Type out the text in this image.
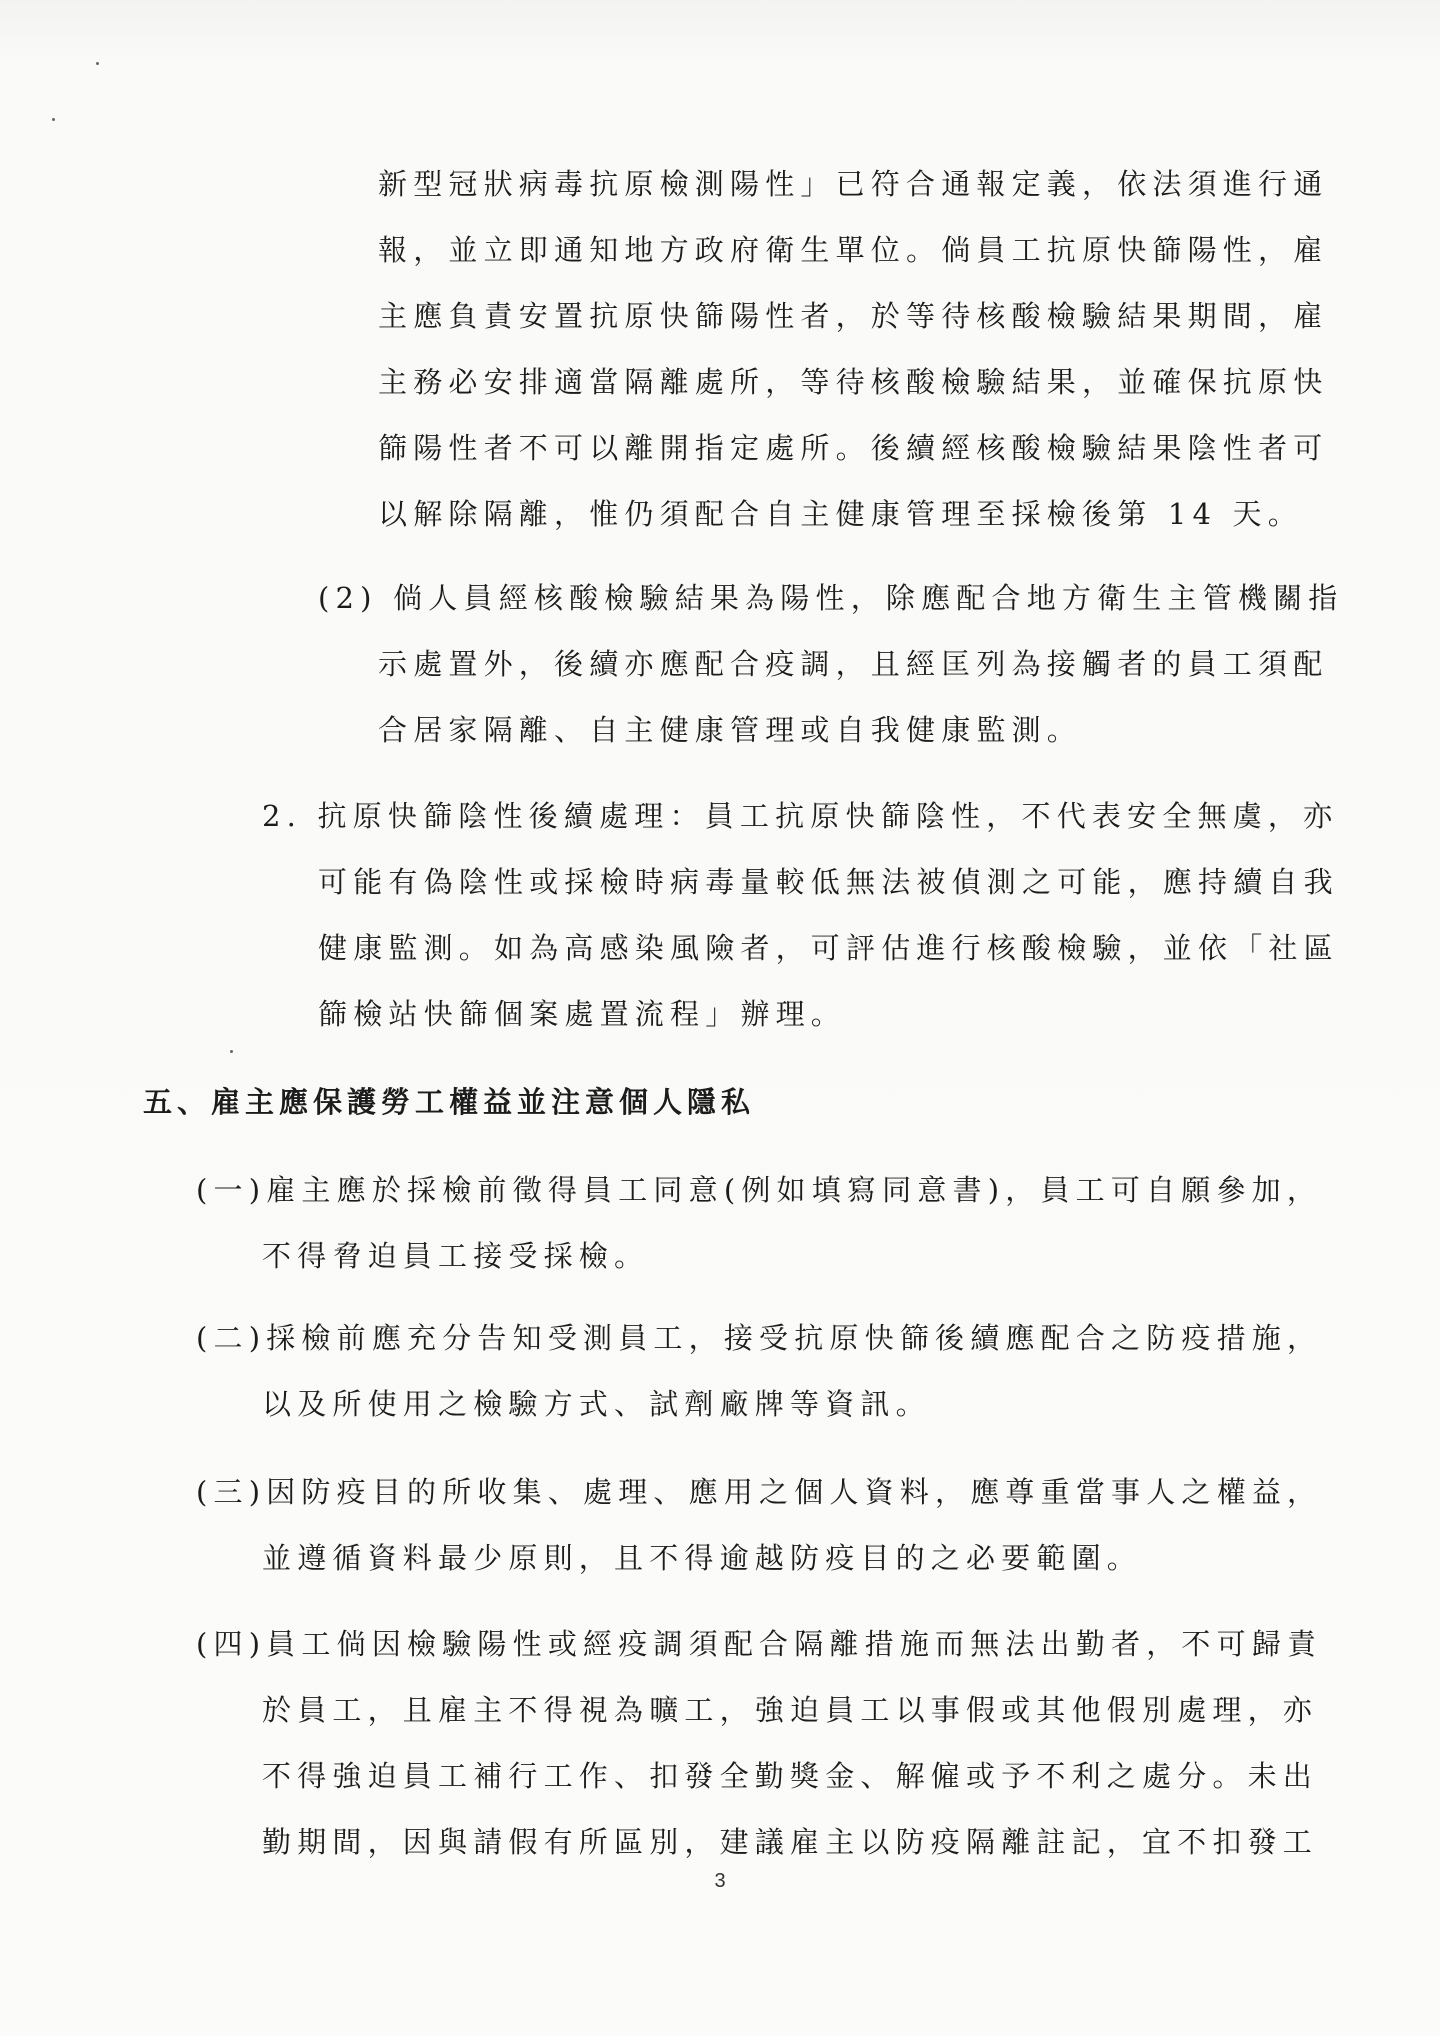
新型冠狀病毒抗原檢測陽性」已符合通報定義，依法須進行通
報，並立即通知地方政府衛生單位。倘員工抗原快篩陽性，雇
主應負責安置抗原快篩陽性者，於等待核酸檢驗結果期間，雇
主務必安排適當隔離處所，等待核酸檢驗結果，並確保抗原快
篩陽性者不可以離開指定處所。後續經核酸檢驗結果陰性者可
以解除隔離，惟仍須配合自主健康管理至採檢後第 14 天。
(2) 倘人員經核酸檢驗結果為陽性，除應配合地方衛生主管機關指
示處置外，後續亦應配合疫調，且經匡列為接觸者的員工須配
合居家隔離、自主健康管理或自我健康監測。
2. 抗原快篩陰性後續處理：員工抗原快篩陰性，不代表安全無虞，亦
可能有偽陰性或採檢時病毒量較低無法被偵測之可能，應持續自我
健康監測。如為高感染風險者，可評估進行核酸檢驗，並依「社區
篩檢站快篩個案處置流程」辦理。
五、雇主應保護勞工權益並注意個人隱私
(一)雇主應於採檢前徵得員工同意(例如填寫同意書)，員工可自願參加，
不得脅迫員工接受採檢。
(二)採檢前應充分告知受測員工，接受抗原快篩後續應配合之防疫措施，
以及所使用之檢驗方式、試劑廠牌等資訊。
(三)因防疫目的所收集、處理、應用之個人資料，應尊重當事人之權益，
並遵循資料最少原則，且不得逾越防疫目的之必要範圍。
(四)員工倘因檢驗陽性或經疫調須配合隔離措施而無法出勤者，不可歸責
於員工，且雇主不得視為曠工，強迫員工以事假或其他假別處理，亦
不得強迫員工補行工作、扣發全勤獎金、解僱或予不利之處分。未出
勤期間，因與請假有所區別，建議雇主以防疫隔離註記，宜不扣發工
3
